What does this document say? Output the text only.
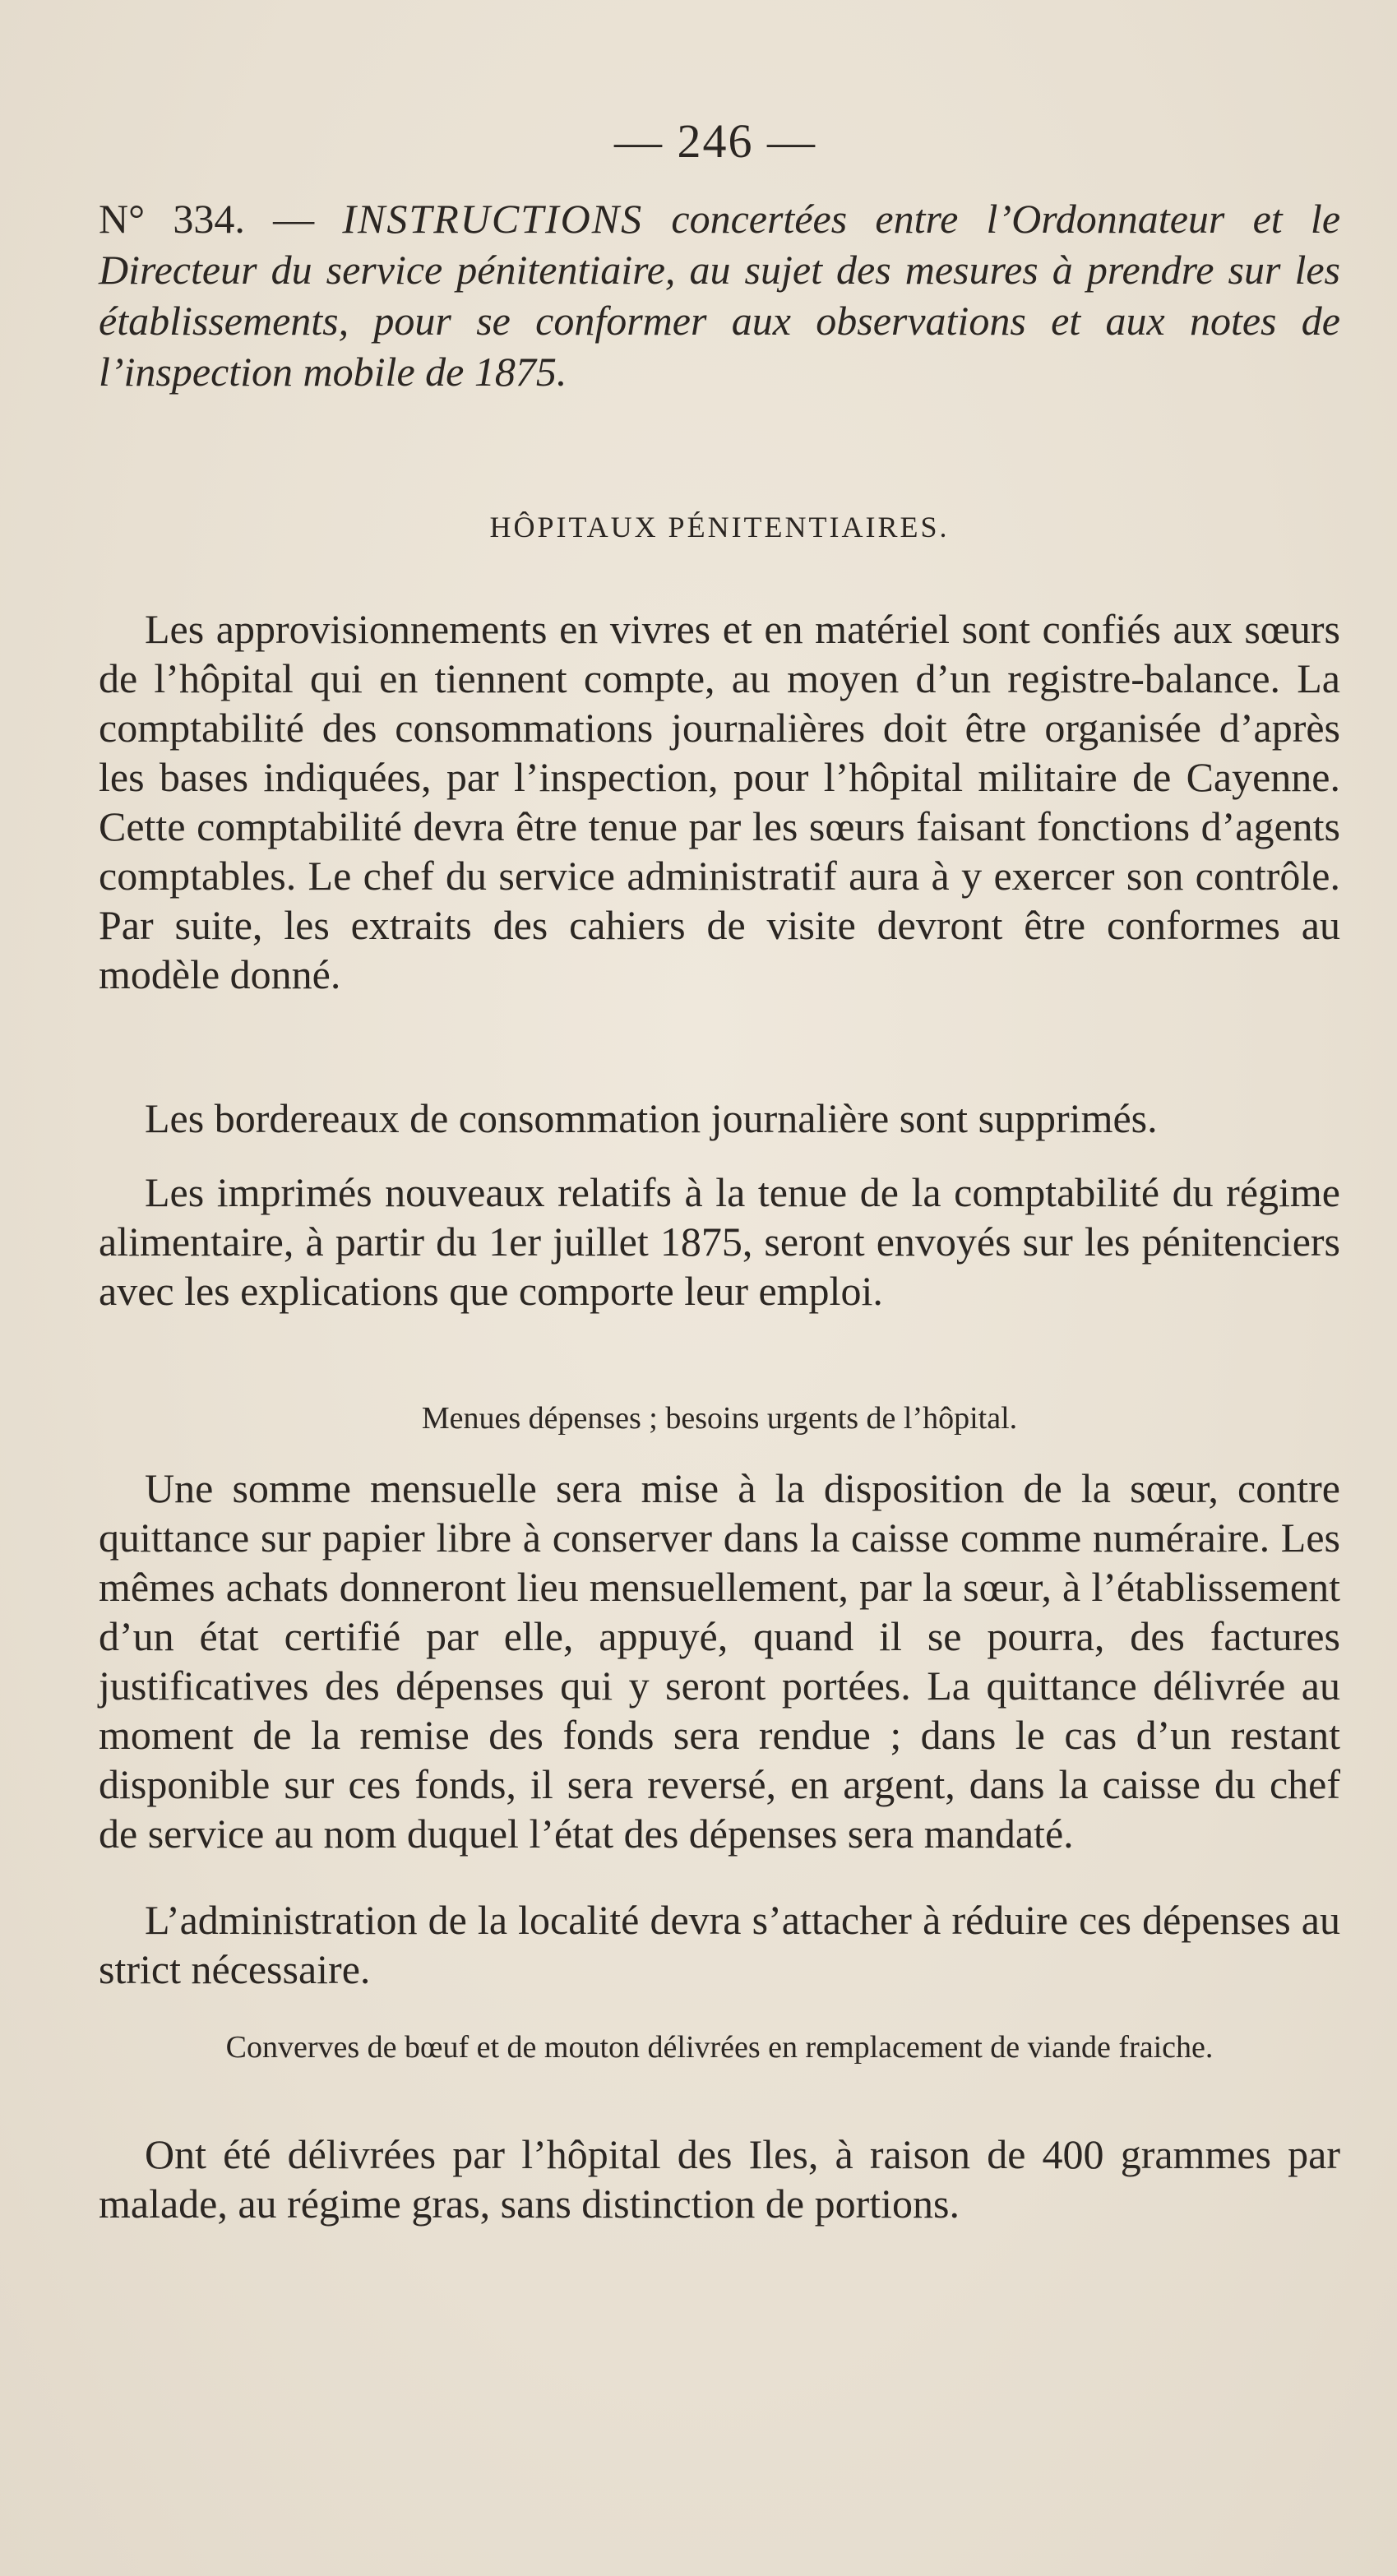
— 246 —
N° 334. — INSTRUCTIONS concertées entre l’Ordonnateur et le Directeur du service pénitentiaire, au sujet des mesures à prendre sur les établissements, pour se conformer aux observations et aux notes de l’inspection mobile de 1875.
HÔPITAUX PÉNITENTIAIRES.

Les approvisionnements en vivres et en matériel sont confiés aux sœurs de l’hôpital qui en tiennent compte, au moyen d’un registre-balance. La comptabilité des consommations journalières doit être organisée d’après les bases indiquées, par l’inspection, pour l’hôpital militaire de Cayenne. Cette comptabilité devra être tenue par les sœurs faisant fonctions d’agents comptables. Le chef du service administratif aura à y exercer son contrôle. Par suite, les extraits des cahiers de visite devront être conformes au modèle donné.

Les bordereaux de consommation journalière sont supprimés.

Les imprimés nouveaux relatifs à la tenue de la comptabilité du régime alimentaire, à partir du 1er juillet 1875, seront envoyés sur les pénitenciers avec les explications que comporte leur emploi.

Menues dépenses ; besoins urgents de l’hôpital.

Une somme mensuelle sera mise à la disposition de la sœur, contre quittance sur papier libre à conserver dans la caisse comme numéraire. Les mêmes achats donneront lieu mensuellement, par la sœur, à l’établissement d’un état certifié par elle, appuyé, quand il se pourra, des factures justificatives des dépenses qui y seront portées. La quittance délivrée au moment de la remise des fonds sera rendue ; dans le cas d’un restant disponible sur ces fonds, il sera reversé, en argent, dans la caisse du chef de service au nom duquel l’état des dépenses sera mandaté.

L’administration de la localité devra s’attacher à réduire ces dépenses au strict nécessaire.

Converves de bœuf et de mouton délivrées en remplacement de viande fraiche.

Ont été délivrées par l’hôpital des Iles, à raison de 400 grammes par malade, au régime gras, sans distinction de portions.
